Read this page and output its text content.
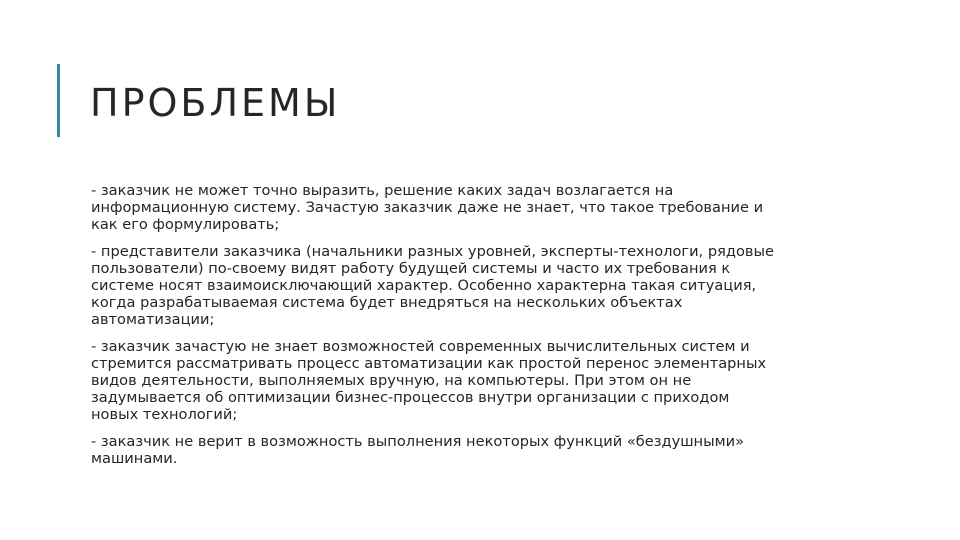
ПРОБЛЕМЫ
- заказчик не может точно выразить, решение каких задач возлагается на
информационную систему. Зачастую заказчик даже не знает, что такое требование и
как его формулировать;
- представители заказчика (начальники разных уровней, эксперты-технологи, рядовые
пользователи) по-своему видят работу будущей системы и часто их требования к
системе носят взаимоисключающий характер. Особенно характерна такая ситуация,
когда разрабатываемая система будет внедряться на нескольких объектах
автоматизации;
- заказчик зачастую не знает возможностей современных вычислительных систем и
стремится рассматривать процесс автоматизации как простой перенос элементарных
видов деятельности, выполняемых вручную, на компьютеры. При этом он не
задумывается об оптимизации бизнес-процессов внутри организации с приходом
новых технологий;
- заказчик не верит в возможность выполнения некоторых функций «бездушными»
машинами.
